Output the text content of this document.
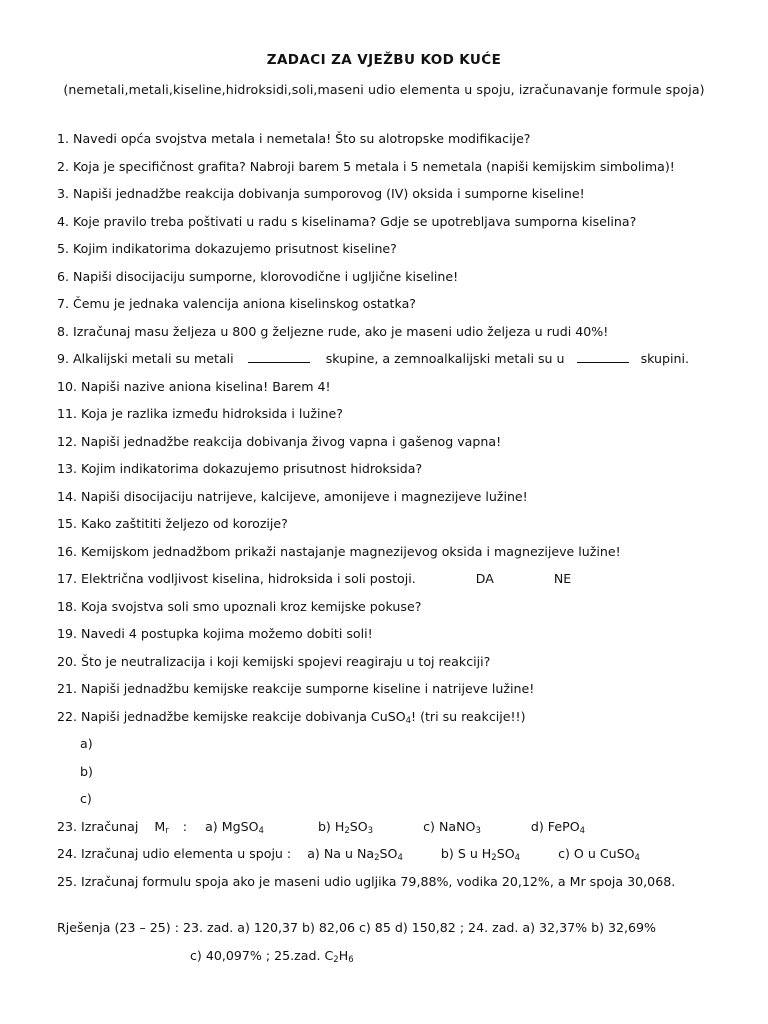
ZADACI ZA VJEŽBU KOD KUĆE
(nemetali,metali,kiseline,hidroksidi,soli,maseni udio elementa u spoju, izračunavanje formule spoja)
1. Navedi opća svojstva metala i nemetala! Što su alotropske modifikacije?
2. Koja je specifičnost grafita? Nabroji barem 5 metala i 5 nemetala (napiši kemijskim simbolima)!
3. Napiši jednadžbe reakcija dobivanja sumporovog (IV) oksida i sumporne kiseline!
4. Koje pravilo treba poštivati u radu s kiselinama? Gdje se upotrebljava sumporna kiselina?
5. Kojim indikatorima dokazujemo prisutnost kiseline?
6. Napiši disocijaciju sumporne, klorovodične i ugljične kiseline!
7. Čemu je jednaka valencija aniona kiselinskog ostatka?
8. Izračunaj masu željeza u 800 g željezne rude, ako je maseni udio željeza u rudi 40%!
9. Alkalijski metali su metali	skupine, a zemnoalkalijski metali su u	skupini.
10. Napiši nazive aniona kiselina! Barem 4!
11. Koja je razlika između hidroksida i lužine?
12. Napiši jednadžbe reakcija dobivanja živog vapna i gašenog vapna!
13. Kojim indikatorima dokazujemo prisutnost hidroksida?
14. Napiši disocijaciju natrijeve, kalcijeve, amonijeve i magnezijeve lužine!
15. Kako zaštititi željezo od korozije?
16. Kemijskom jednadžbom prikaži nastajanje magnezijevog oksida i magnezijeve lužine!
17. Električna vodljivost kiselina, hidroksida i soli postoji.	DA	NE
18. Koja svojstva soli smo upoznali kroz kemijske pokuse?
19. Navedi 4 postupka kojima možemo dobiti soli!
20. Što je neutralizacija i koji kemijski spojevi reagiraju u toj reakciji?
21. Napiši jednadžbu kemijske reakcije sumporne kiseline i natrijeve lužine!
22. Napiši jednadžbe kemijske reakcije dobivanja CuSO$_4$! (tri su reakcije!!)
a)
b)
c)
23. Izračunaj $M_r$ : a) MgSO$_4$	b) $H_2SO_3$	c) NaNO$_3$	d) FePO$_4$
24. Izračunaj udio elementa u spoju : a) Na u $Na_2SO_4$	b) S u $H_2SO_4$	c) O u CuSO$_4$
25. Izračunaj formulu spoja ako je maseni udio ugljika 79,88%, vodika 20,12%, a Mr spoja 30,068.
Rješenja (23 – 25) : 23. zad. a) 120,37 b) 82,06 c) 85 d) 150,82 ; 24. zad. a) 32,37% b) 32,69%
c) 40,097% ; 25.zad. $C_2H_6$
